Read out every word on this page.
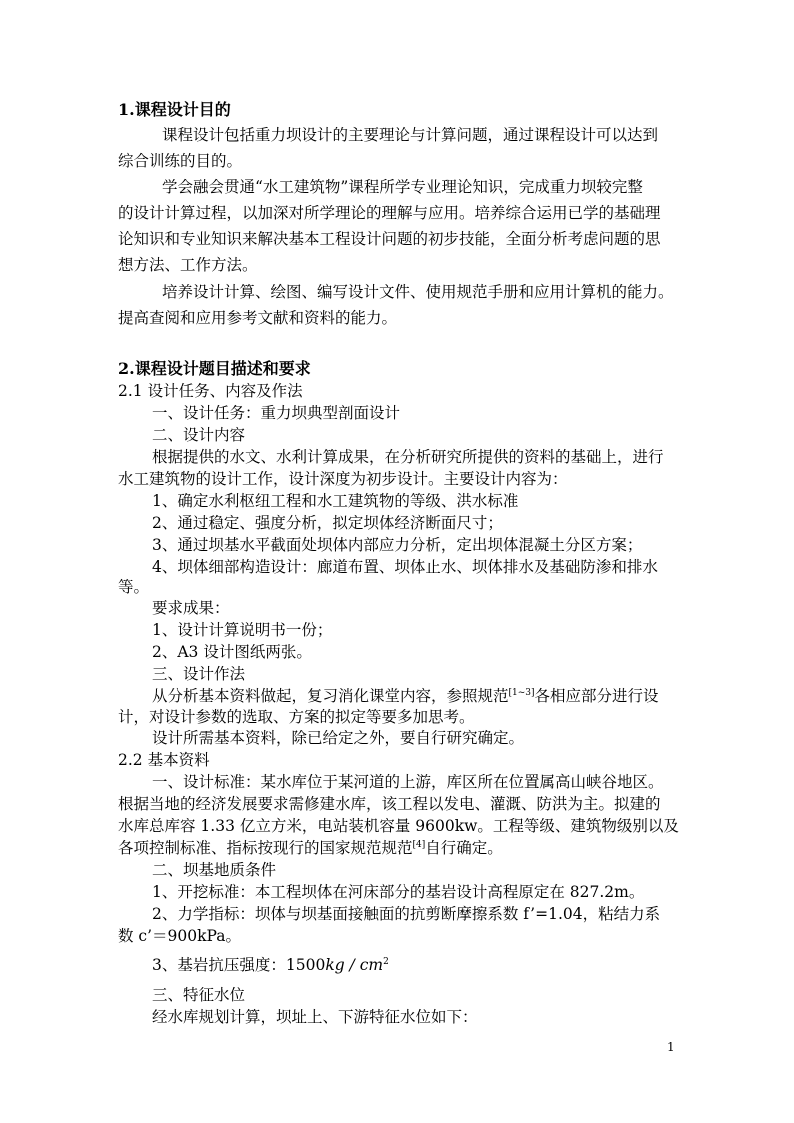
1.课程设计目的
课程设计包括重力坝设计的主要理论与计算问题，通过课程设计可以达到
综合训练的目的。
学会融会贯通“水工建筑物”课程所学专业理论知识，完成重力坝较完整
的设计计算过程，以加深对所学理论的理解与应用。培养综合运用已学的基础理
论知识和专业知识来解决基本工程设计问题的初步技能，全面分析考虑问题的思
想方法、工作方法。
培养设计计算、绘图、编写设计文件、使用规范手册和应用计算机的能力。
提高查阅和应用参考文献和资料的能力。
2.课程设计题目描述和要求
2.1 设计任务、内容及作法
一、设计任务：重力坝典型剖面设计
二、设计内容
根据提供的水文、水利计算成果，在分析研究所提供的资料的基础上，进行
水工建筑物的设计工作，设计深度为初步设计。主要设计内容为：
1、确定水利枢纽工程和水工建筑物的等级、洪水标准
2、通过稳定、强度分析，拟定坝体经济断面尺寸；
3、通过坝基水平截面处坝体内部应力分析，定出坝体混凝土分区方案；
4、坝体细部构造设计：廊道布置、坝体止水、坝体排水及基础防渗和排水
等。
要求成果：
1、设计计算说明书一份；
2、A3 设计图纸两张。
三、设计作法
从分析基本资料做起，复习消化课堂内容，参照规范[1~3]各相应部分进行设
计，对设计参数的选取、方案的拟定等要多加思考。
设计所需基本资料，除已给定之外，要自行研究确定。
2.2 基本资料
一、设计标准：某水库位于某河道的上游，库区所在位置属高山峡谷地区。
根据当地的经济发展要求需修建水库，该工程以发电、灌溉、防洪为主。拟建的
水库总库容 1.33 亿立方米，电站装机容量 9600kw。工程等级、建筑物级别以及
各项控制标准、指标按现行的国家规范规范[4]自行确定。
二、坝基地质条件
1、开挖标准：本工程坝体在河床部分的基岩设计高程原定在 827.2m。
2、力学指标：坝体与坝基面接触面的抗剪断摩擦系数 f’=1.04，粘结力系
数 c’＝900kPa。
3、基岩抗压强度：$1500kg / cm^2$
三、特征水位
经水库规划计算，坝址上、下游特征水位如下：
1
